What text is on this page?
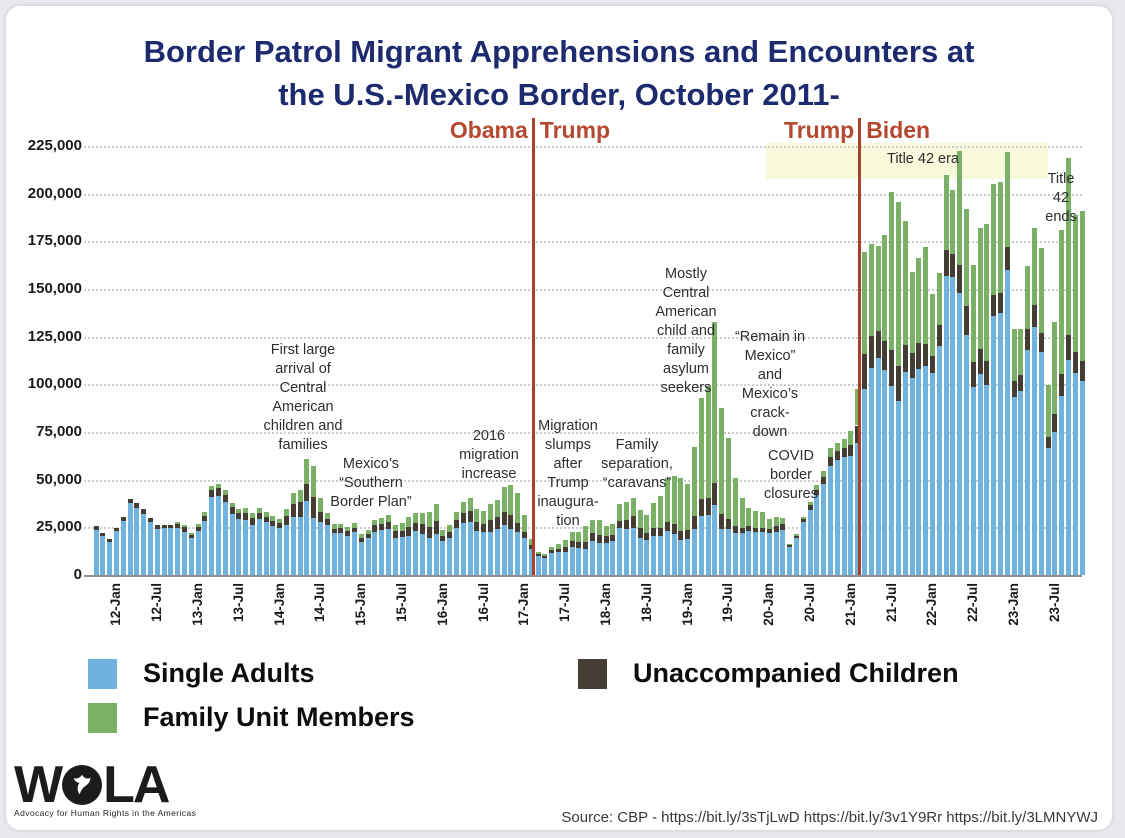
Border Patrol Migrant Apprehensions and Encounters at
the U.S.-Mexico Border, October 2011-
0
25,000
50,000
75,000
100,000
125,000
150,000
175,000
200,000
225,000
12-Jan 12-Jul 13-Jan 13-Jul 14-Jan 14-Jul 15-Jan 15-Jul 16-Jan 16-Jul 17-Jan 17-Jul 18-Jan 18-Jul 19-Jan 19-Jul 20-Jan 20-Jul 21-Jan 21-Jul 22-Jan 22-Jul 23-Jan 23-Jul
Obama Trump	Trump Biden
First large
arrival of
Central
American
children and
families
Mexico’s
“Southern
Border Plan”
2016
migration
increase
Migration
slumps
after
Trump
inaugura-
tion
Family
separation,
“caravans”
Mostly
Central
American
child and
family
asylum
seekers
“Remain in
Mexico”
and
Mexico’s
crack-
down
COVID
border
closures
Title 42 era
Title
42
ends
Single Adults
Family Unit Members
Unaccompanied Children
W LA
Advocacy for Human Rights in the Americas	Source: CBP - https://bit.ly/3sTjLwD https://bit.ly/3v1Y9Rr https://bit.ly/3LMNYWJ
